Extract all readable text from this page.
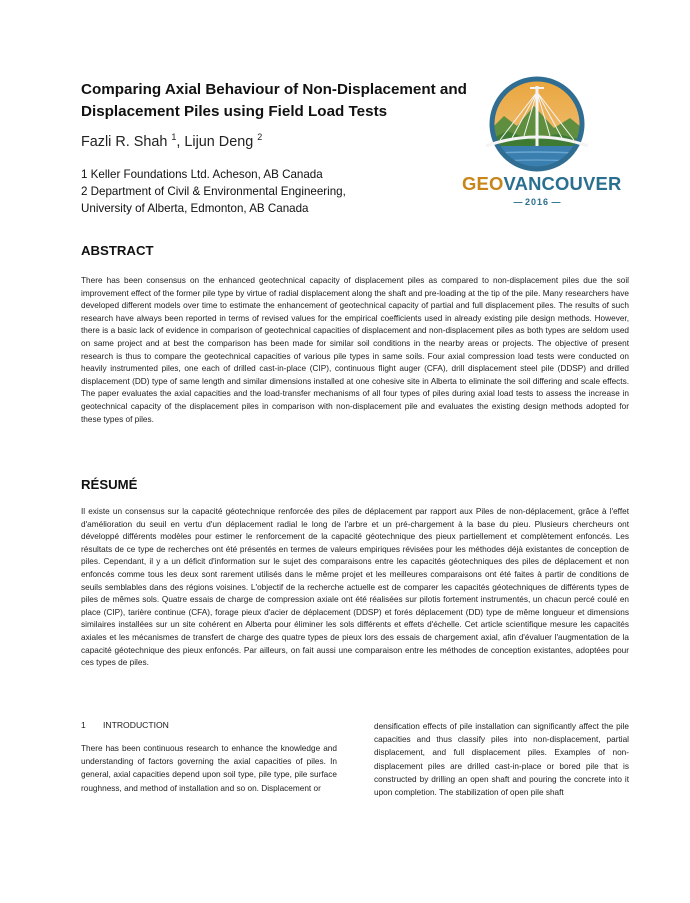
Comparing Axial Behaviour of Non-Displacement and Displacement Piles using Field Load Tests
Fazli R. Shah $^1$, Lijun Deng $^2$
1 Keller Foundations Ltd. Acheson, AB Canada
2 Department of Civil & Environmental Engineering,
University of Alberta, Edmonton, AB Canada
GEOVANCOUVER
— 2016 —
ABSTRACT

There has been consensus on the enhanced geotechnical capacity of displacement piles as compared to non-displacement piles due the soil improvement effect of the former pile type by virtue of radial displacement along the shaft and pre-loading at the tip of the pile. Many researchers have developed different models over time to estimate the enhancement of geotechnical capacity of partial and full displacement piles. The results of such research have always been reported in terms of revised values for the empirical coefficients used in already existing pile design methods. However, there is a basic lack of evidence in comparison of geotechnical capacities of displacement and non-displacement piles as both types are seldom used on same project and at best the comparison has been made for similar soil conditions in the nearby areas or projects. The objective of present research is thus to compare the geotechnical capacities of various pile types in same soils. Four axial compression load tests were conducted on heavily instrumented piles, one each of drilled cast-in-place (CIP), continuous flight auger (CFA), drill displacement steel pile (DDSP) and drilled displacement (DD) type of same length and similar dimensions installed at one cohesive site in Alberta to eliminate the soil differing and scale effects. The paper evaluates the axial capacities and the load-transfer mechanisms of all four types of piles during axial load tests to assess the increase in geotechnical capacity of the displacement piles in comparison with non-displacement pile and evaluates the existing design methods adopted for these types of piles.

RÉSUMÉ

Il existe un consensus sur la capacité géotechnique renforcée des piles de déplacement par rapport aux Piles de non-déplacement, grâce à l'effet d'amélioration du seuil en vertu d'un déplacement radial le long de l'arbre et un pré-chargement à la base du pieu. Plusieurs chercheurs ont développé différents modèles pour estimer le renforcement de la capacité géotechnique des pieux partiellement et complètement enfoncés. Les résultats de ce type de recherches ont été présentés en termes de valeurs empiriques révisées pour les méthodes déjà existantes de conception de piles. Cependant, il y a un déficit d'information sur le sujet des comparaisons entre les capacités géotechniques des piles de déplacement et non enfoncés comme tous les deux sont rarement utilisés dans le même projet et les meilleures comparaisons ont été faites à partir de conditions de seuils semblables dans des régions voisines. L'objectif de la recherche actuelle est de comparer les capacités géotechniques de différents types de piles de mêmes sols. Quatre essais de charge de compression axiale ont été réalisées sur pilotis fortement instrumentés, un chacun percé coulé en place (CIP), tarière continue (CFA), forage pieux d'acier de déplacement (DDSP) et forés déplacement (DD) type de même longueur et dimensions similaires installées sur un site cohérent en Alberta pour éliminer les sols différents et effets d'échelle. Cet article scientifique mesure les capacités axiales et les mécanismes de transfert de charge des quatre types de pieux lors des essais de chargement axial, afin d'évaluer l'augmentation de la capacité géotechnique des pieux enfoncés. Par ailleurs, on fait aussi une comparaison entre les méthodes de conception existantes, adoptées pour ces types de piles.

1 INTRODUCTION
There has been continuous research to enhance the knowledge and understanding of factors governing the axial capacities of piles. In general, axial capacities depend upon soil type, pile type, pile surface roughness, and method of installation and so on. Displacement or

densification effects of pile installation can significantly affect the pile capacities and thus classify piles into non-displacement, partial displacement, and full displacement piles. Examples of non-displacement piles are drilled cast-in-place or bored pile that is constructed by drilling an open shaft and pouring the concrete into it upon completion. The stabilization of open pile shaft
